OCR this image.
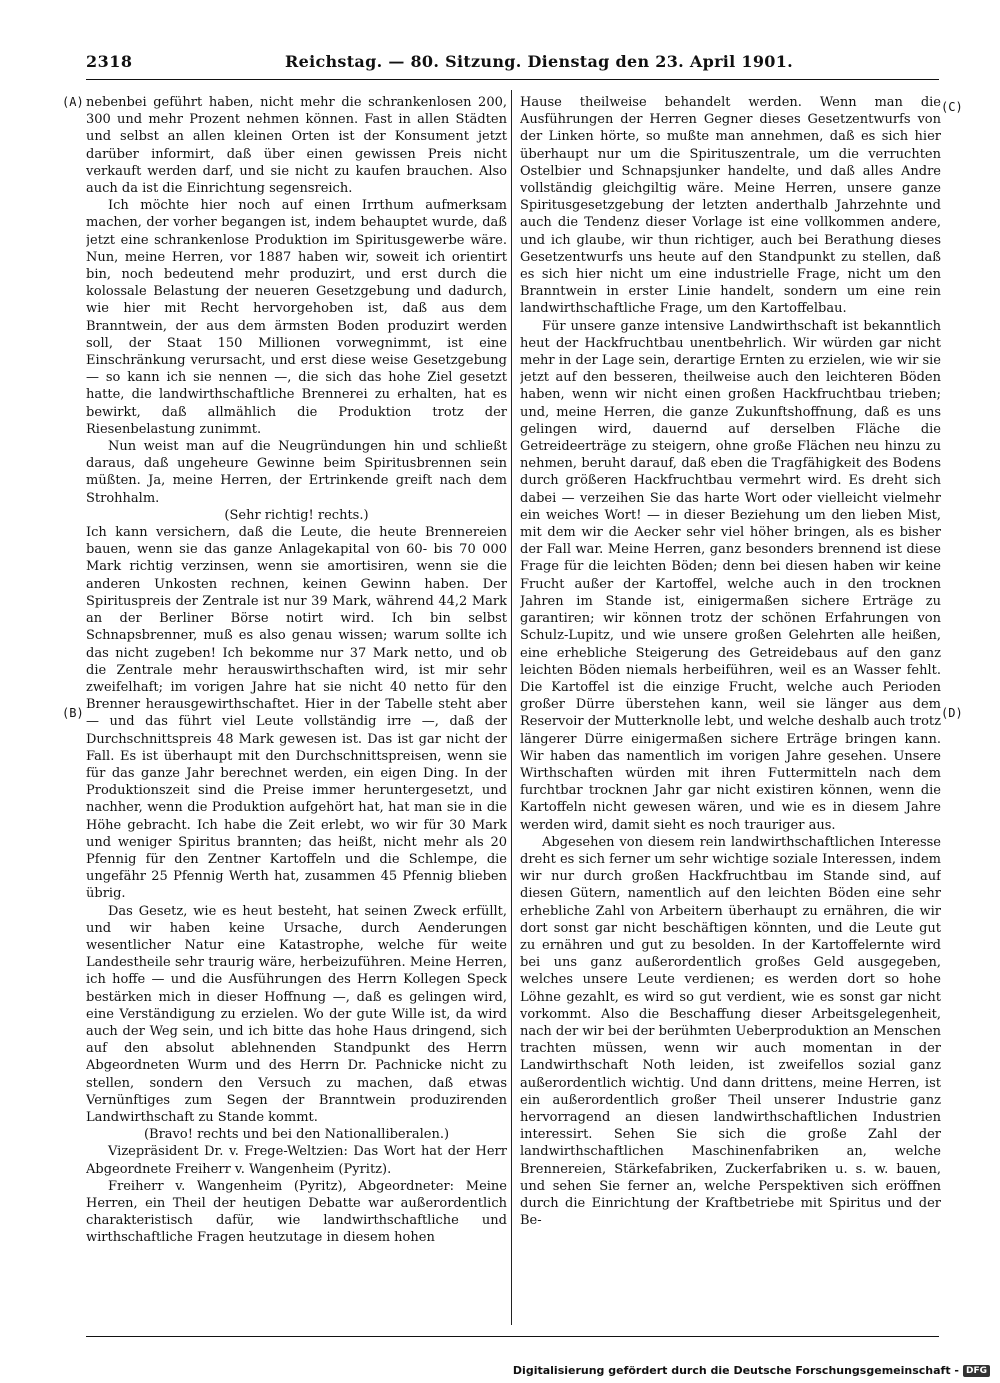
2318	Reichstag. — 80. Sitzung. Dienstag den 23. April 1901.
(A)
(B)
(C)
(D)

nebenbei geführt haben, nicht mehr die schrankenlosen 200, 300 und mehr Prozent nehmen können. Fast in allen Städten und selbst an allen kleinen Orten ist der Konsument jetzt darüber informirt, daß über einen gewissen Preis nicht verkauft werden darf, und sie nicht zu kaufen brauchen. Also auch da ist die Einrichtung segensreich.

Ich möchte hier noch auf einen Irrthum aufmerksam machen, der vorher begangen ist, indem behauptet wurde, daß jetzt eine schrankenlose Produktion im Spiritusgewerbe wäre. Nun, meine Herren, vor 1887 haben wir, soweit ich orientirt bin, noch bedeutend mehr produzirt, und erst durch die kolossale Belastung der neueren Gesetzgebung und dadurch, wie hier mit Recht hervorgehoben ist, daß aus dem Branntwein, der aus dem ärmsten Boden produzirt werden soll, der Staat 150 Millionen vorwegnimmt, ist eine Einschränkung verursacht, und erst diese weise Gesetzgebung — so kann ich sie nennen —, die sich das hohe Ziel gesetzt hatte, die landwirthschaftliche Brennerei zu erhalten, hat es bewirkt, daß allmählich die Produktion trotz der Riesenbelastung zunimmt.

Nun weist man auf die Neugründungen hin und schließt daraus, daß ungeheure Gewinne beim Spiritusbrennen sein müßten. Ja, meine Herren, der Ertrinkende greift nach dem Strohhalm.

(Sehr richtig! rechts.)

Ich kann versichern, daß die Leute, die heute Brennereien bauen, wenn sie das ganze Anlagekapital von 60- bis 70 000 Mark richtig verzinsen, wenn sie amortisiren, wenn sie die anderen Unkosten rechnen, keinen Gewinn haben. Der Spirituspreis der Zentrale ist nur 39 Mark, während 44,2 Mark an der Berliner Börse notirt wird. Ich bin selbst Schnapsbrenner, muß es also genau wissen; warum sollte ich das nicht zugeben! Ich bekomme nur 37 Mark netto, und ob die Zentrale mehr herauswirthschaften wird, ist mir sehr zweifelhaft; im vorigen Jahre hat sie nicht 40 netto für den Brenner herausgewirthschaftet. Hier in der Tabelle steht aber — und das führt viel Leute vollständig irre —, daß der Durchschnittspreis 48 Mark gewesen ist. Das ist gar nicht der Fall. Es ist überhaupt mit den Durchschnittspreisen, wenn sie für das ganze Jahr berechnet werden, ein eigen Ding. In der Produktionszeit sind die Preise immer heruntergesetzt, und nachher, wenn die Produktion aufgehört hat, hat man sie in die Höhe gebracht. Ich habe die Zeit erlebt, wo wir für 30 Mark und weniger Spiritus brannten; das heißt, nicht mehr als 20 Pfennig für den Zentner Kartoffeln und die Schlempe, die ungefähr 25 Pfennig Werth hat, zusammen 45 Pfennig blieben übrig.

Das Gesetz, wie es heut besteht, hat seinen Zweck erfüllt, und wir haben keine Ursache, durch Aenderungen wesentlicher Natur eine Katastrophe, welche für weite Landestheile sehr traurig wäre, herbeizuführen. Meine Herren, ich hoffe — und die Ausführungen des Herrn Kollegen Speck bestärken mich in dieser Hoffnung —, daß es gelingen wird, eine Verständigung zu erzielen. Wo der gute Wille ist, da wird auch der Weg sein, und ich bitte das hohe Haus dringend, sich auf den absolut ablehnenden Standpunkt des Herrn Abgeordneten Wurm und des Herrn Dr. Pachnicke nicht zu stellen, sondern den Versuch zu machen, daß etwas Vernünftiges zum Segen der Branntwein produzirenden Landwirthschaft zu Stande kommt.

(Bravo! rechts und bei den Nationalliberalen.)

Vizepräsident Dr. v. Frege-Weltzien: Das Wort hat der Herr Abgeordnete Freiherr v. Wangenheim (Pyritz).

Freiherr v. Wangenheim (Pyritz), Abgeordneter: Meine Herren, ein Theil der heutigen Debatte war außerordentlich charakteristisch dafür, wie landwirthschaftliche und wirthschaftliche Fragen heutzutage in diesem hohen

Hause theilweise behandelt werden. Wenn man die Ausführungen der Herren Gegner dieses Gesetzentwurfs von der Linken hörte, so mußte man annehmen, daß es sich hier überhaupt nur um die Spirituszentrale, um die verruchten Ostelbier und Schnapsjunker handelte, und daß alles Andre vollständig gleichgiltig wäre. Meine Herren, unsere ganze Spiritusgesetzgebung der letzten anderthalb Jahrzehnte und auch die Tendenz dieser Vorlage ist eine vollkommen andere, und ich glaube, wir thun richtiger, auch bei Berathung dieses Gesetzentwurfs uns heute auf den Standpunkt zu stellen, daß es sich hier nicht um eine industrielle Frage, nicht um den Branntwein in erster Linie handelt, sondern um eine rein landwirthschaftliche Frage, um den Kartoffelbau.

Für unsere ganze intensive Landwirthschaft ist bekanntlich heut der Hackfruchtbau unentbehrlich. Wir würden gar nicht mehr in der Lage sein, derartige Ernten zu erzielen, wie wir sie jetzt auf den besseren, theilweise auch den leichteren Böden haben, wenn wir nicht einen großen Hackfruchtbau trieben; und, meine Herren, die ganze Zukunftshoffnung, daß es uns gelingen wird, dauernd auf derselben Fläche die Getreideerträge zu steigern, ohne große Flächen neu hinzu zu nehmen, beruht darauf, daß eben die Tragfähigkeit des Bodens durch größeren Hackfruchtbau vermehrt wird. Es dreht sich dabei — verzeihen Sie das harte Wort oder vielleicht vielmehr ein weiches Wort! — in dieser Beziehung um den lieben Mist, mit dem wir die Aecker sehr viel höher bringen, als es bisher der Fall war. Meine Herren, ganz besonders brennend ist diese Frage für die leichten Böden; denn bei diesen haben wir keine Frucht außer der Kartoffel, welche auch in den trocknen Jahren im Stande ist, einigermaßen sichere Erträge zu garantiren; wir können trotz der schönen Erfahrungen von Schulz-Lupitz, und wie unsere großen Gelehrten alle heißen, eine erhebliche Steigerung des Getreidebaus auf den ganz leichten Böden niemals herbeiführen, weil es an Wasser fehlt. Die Kartoffel ist die einzige Frucht, welche auch Perioden großer Dürre überstehen kann, weil sie länger aus dem Reservoir der Mutterknolle lebt, und welche deshalb auch trotz längerer Dürre einigermaßen sichere Erträge bringen kann. Wir haben das namentlich im vorigen Jahre gesehen. Unsere Wirthschaften würden mit ihren Futtermitteln nach dem furchtbar trocknen Jahr gar nicht existiren können, wenn die Kartoffeln nicht gewesen wären, und wie es in diesem Jahre werden wird, damit sieht es noch trauriger aus.

Abgesehen von diesem rein landwirthschaftlichen Interesse dreht es sich ferner um sehr wichtige soziale Interessen, indem wir nur durch großen Hackfruchtbau im Stande sind, auf diesen Gütern, namentlich auf den leichten Böden eine sehr erhebliche Zahl von Arbeitern überhaupt zu ernähren, die wir dort sonst gar nicht beschäftigen könnten, und die Leute gut zu ernähren und gut zu besolden. In der Kartoffelernte wird bei uns ganz außerordentlich großes Geld ausgegeben, welches unsere Leute verdienen; es werden dort so hohe Löhne gezahlt, es wird so gut verdient, wie es sonst gar nicht vorkommt. Also die Beschaffung dieser Arbeitsgelegenheit, nach der wir bei der berühmten Ueberproduktion an Menschen trachten müssen, wenn wir auch momentan in der Landwirthschaft Noth leiden, ist zweifellos sozial ganz außerordentlich wichtig. Und dann drittens, meine Herren, ist ein außerordentlich großer Theil unserer Industrie ganz hervorragend an diesen landwirthschaftlichen Industrien interessirt. Sehen Sie sich die große Zahl der landwirthschaftlichen Maschinenfabriken an, welche Brennereien, Stärkefabriken, Zuckerfabriken u. s. w. bauen, und sehen Sie ferner an, welche Perspektiven sich eröffnen durch die Einrichtung der Kraftbetriebe mit Spiritus und der Be-

Digitalisierung gefördert durch die Deutsche Forschungsgemeinschaft - DFG
